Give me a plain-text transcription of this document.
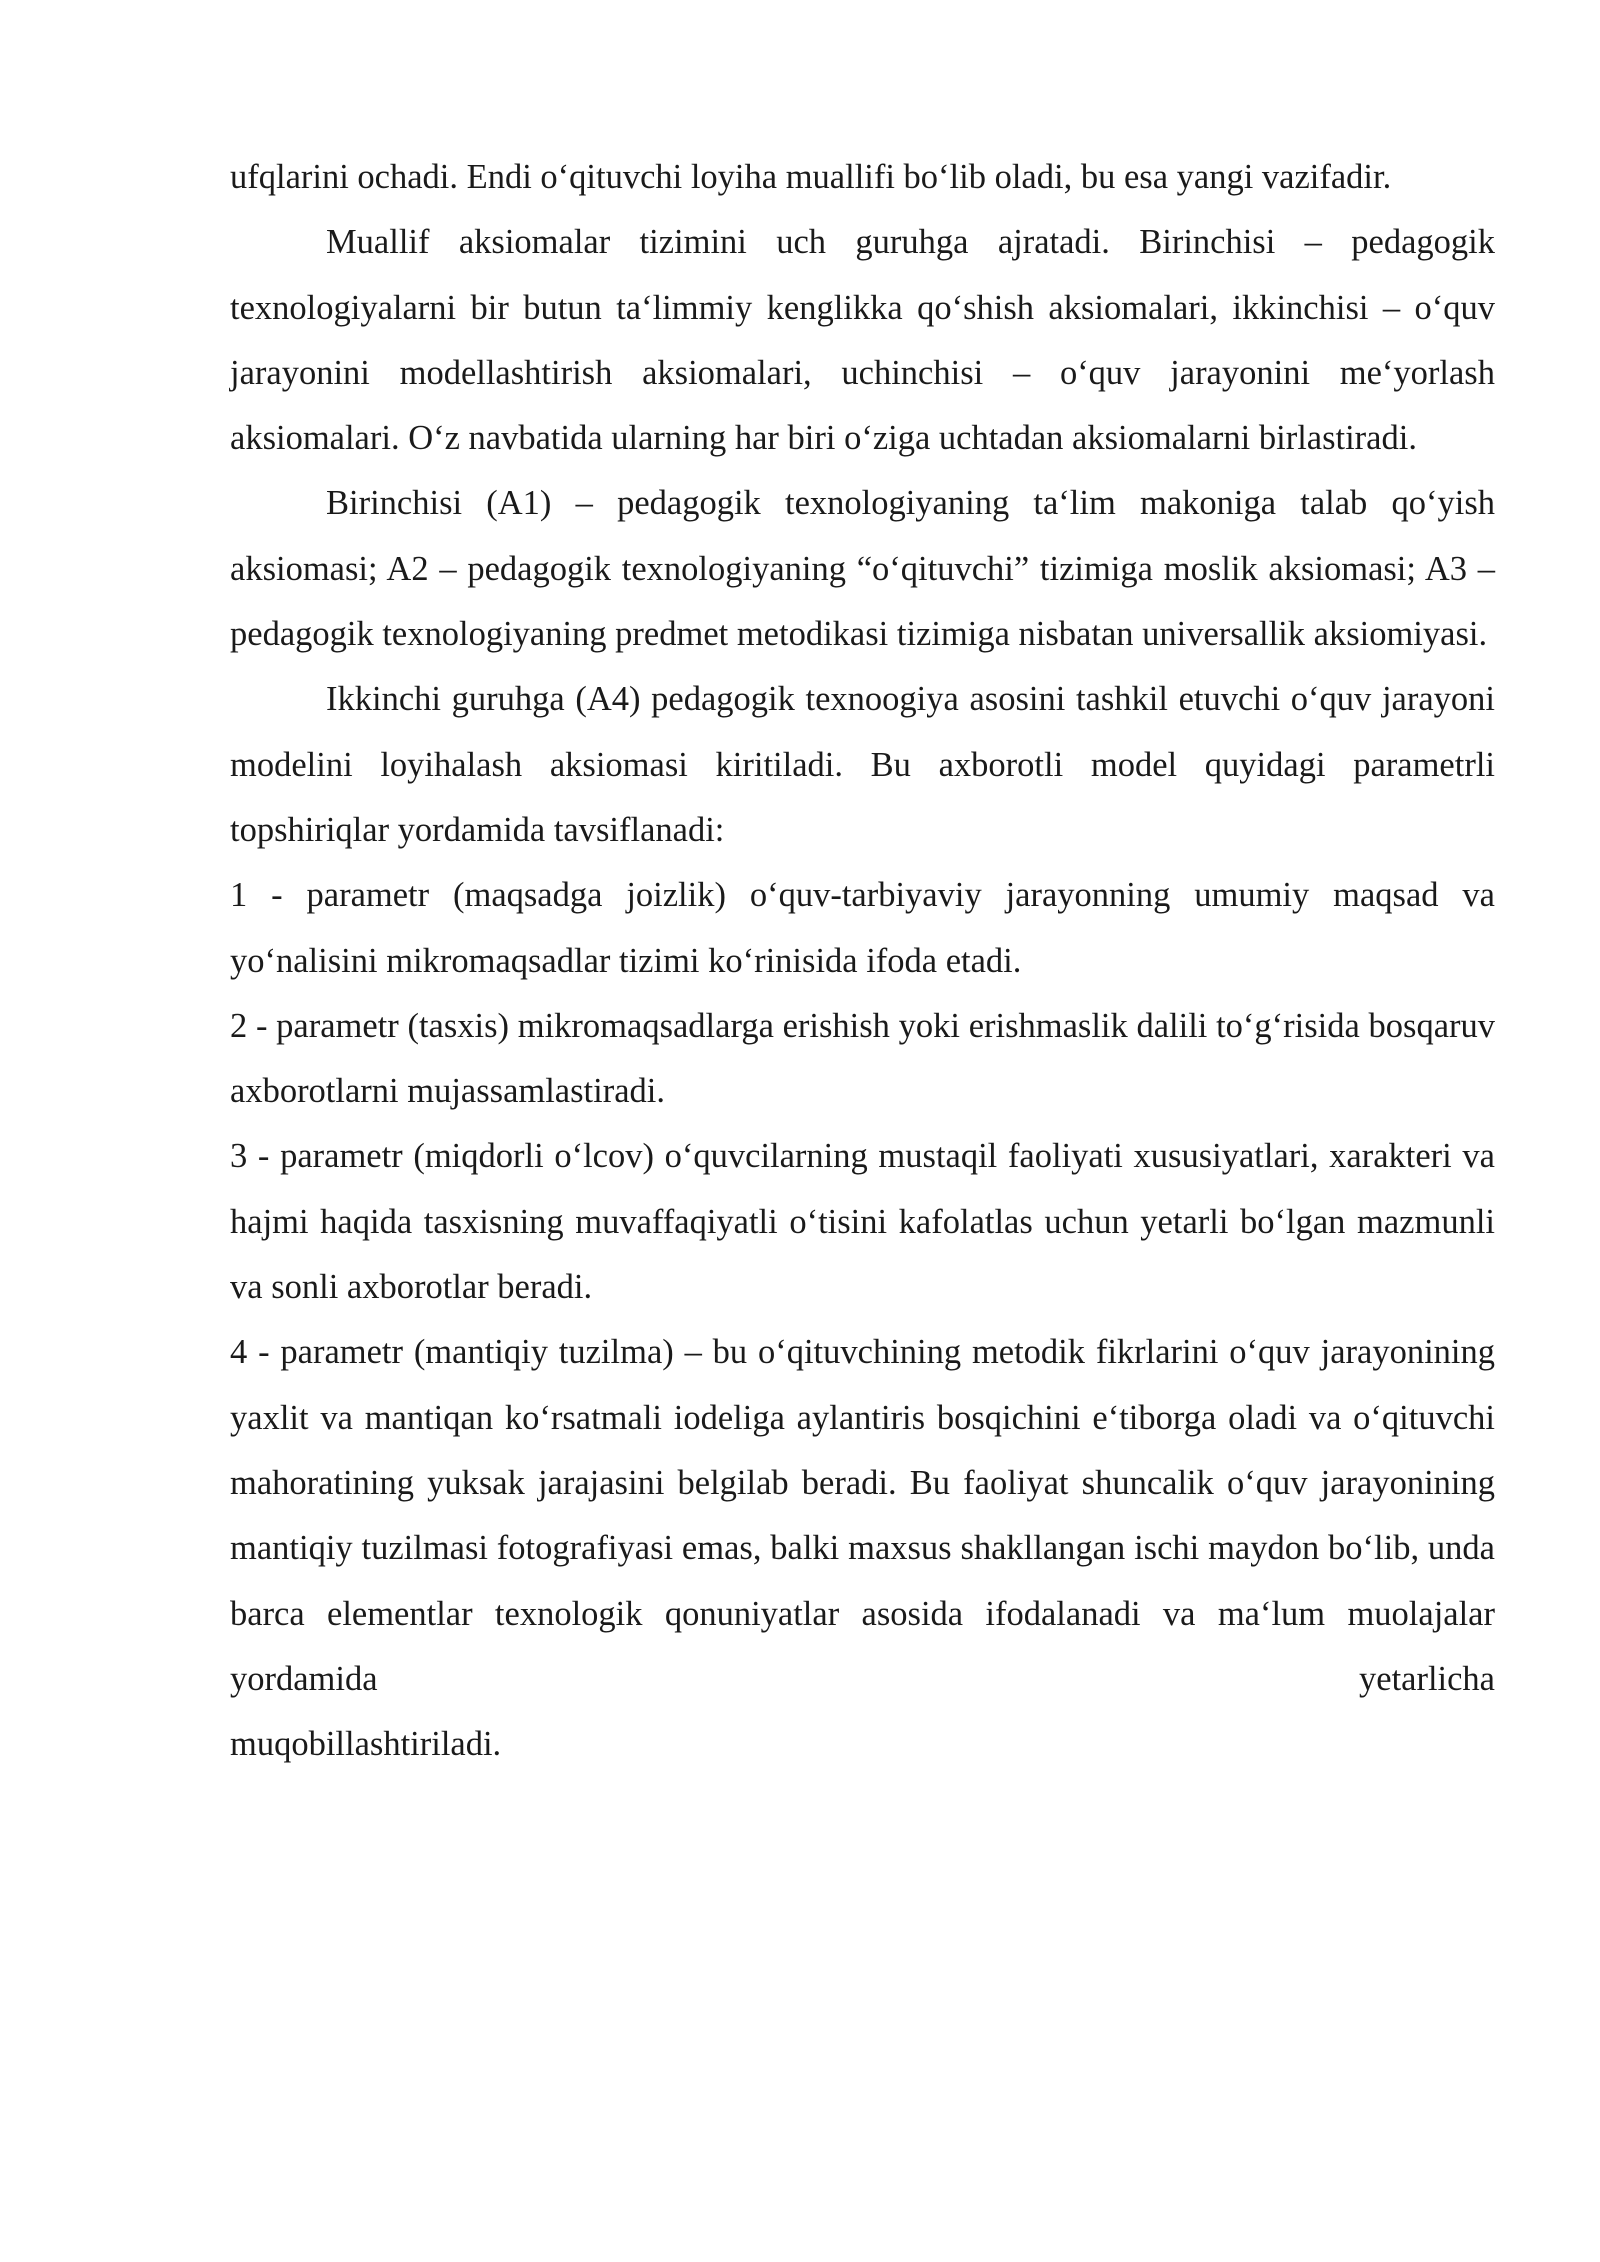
ufqlarini ochadi. Endi o‘qituvchi loyiha muallifi bo‘lib oladi, bu esa yangi vazifadir.

Muallif aksiomalar tizimini uch guruhga ajratadi. Birinchisi – pedagogik texnologiyalarni bir butun ta‘limmiy kenglikka qo‘shish aksiomalari, ikkinchisi – o‘quv jarayonini modellashtirish aksiomalari, uchinchisi – o‘quv jarayonini me‘yorlash aksiomalari. O‘z navbatida ularning har biri o‘ziga uchtadan aksiomalarni birlastiradi.

Birinchisi (A1) – pedagogik texnologiyaning ta‘lim makoniga talab qo‘yish aksiomasi; A2 – pedagogik texnologiyaning “o‘qituvchi” tizimiga moslik aksiomasi; A3 – pedagogik texnologiyaning predmet metodikasi tizimiga nisbatan universallik aksiomiyasi.

Ikkinchi guruhga (A4) pedagogik texnoogiya asosini tashkil etuvchi o‘quv jarayoni modelini loyihalash aksiomasi kiritiladi. Bu axborotli model quyidagi parametrli topshiriqlar yordamida tavsiflanadi:

1 - parametr (maqsadga joizlik) o‘quv-tarbiyaviy jarayonning umumiy maqsad va yo‘nalisini mikromaqsadlar tizimi ko‘rinisida ifoda etadi.

2 - parametr (tasxis) mikromaqsadlarga erishish yoki erishmaslik dalili to‘g‘risida bosqaruv axborotlarni mujassamlastiradi.

3 - parametr (miqdorli o‘lcov) o‘quvcilarning mustaqil faoliyati xususiyatlari, xarakteri va hajmi haqida tasxisning muvaffaqiyatli o‘tisini kafolatlas uchun yetarli bo‘lgan mazmunli va sonli axborotlar beradi.

4 - parametr (mantiqiy tuzilma) – bu o‘qituvchining metodik fikrlarini o‘quv jarayonining yaxlit va mantiqan ko‘rsatmali iodeliga aylantiris bosqichini e‘tiborga oladi va o‘qituvchi mahoratining yuksak jarajasini belgilab beradi. Bu faoliyat shuncalik o‘quv jarayonining mantiqiy tuzilmasi fotografiyasi emas, balki maxsus shakllangan ischi maydon bo‘lib, unda barca elementlar texnologik qonuniyatlar asosida ifodalanadi va ma‘lum muolajalar yordamida yetarlicha

muqobillashtiriladi.
